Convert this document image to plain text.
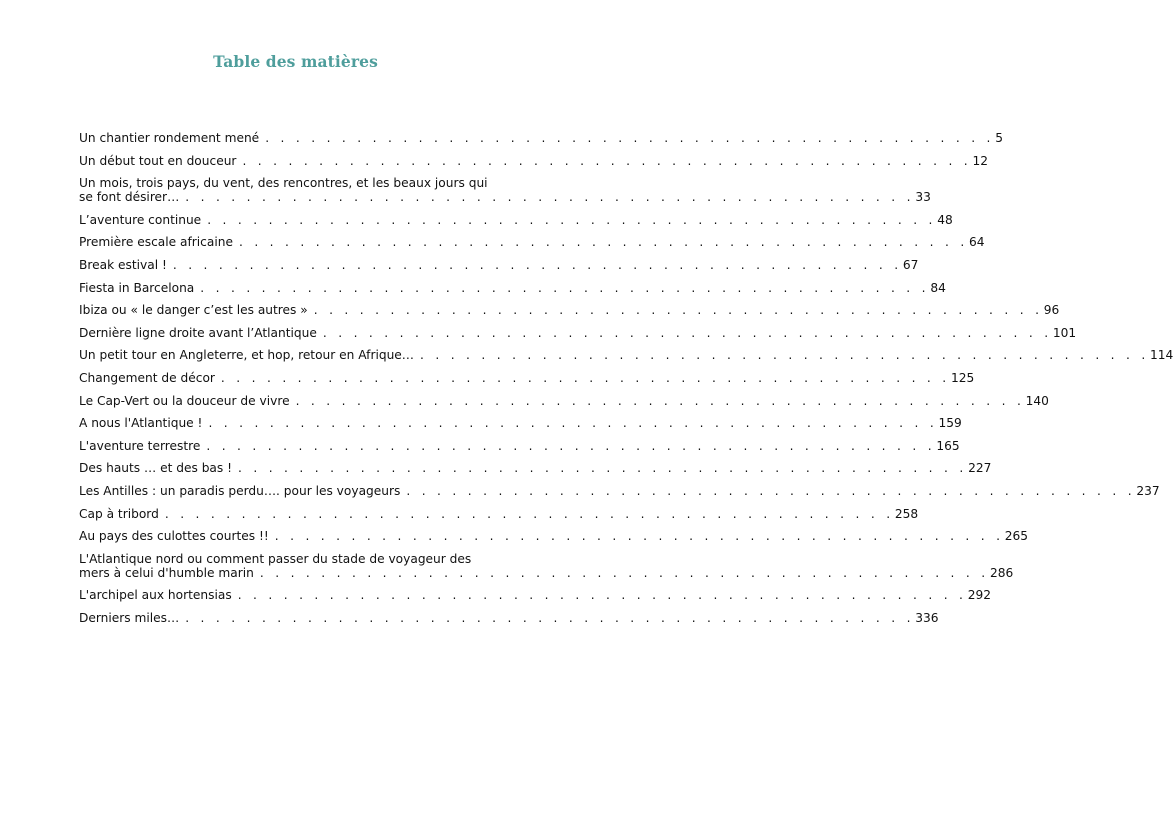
Table des matières
Un chantier rondement mené . . . . . . . . . . . . . . . . . . . . . . . . . . . . . . . . . . . . . . . . . . . . . . . . 5
Un début tout en douceur . . . . . . . . . . . . . . . . . . . . . . . . . . . . . . . . . . . . . . . . . . . . . . . . 12
Un mois, trois pays, du vent, des rencontres, et les beaux jours qui
se font désirer… . . . . . . . . . . . . . . . . . . . . . . . . . . . . . . . . . . . . . . . . . . . . . . . . 33
L’aventure continue . . . . . . . . . . . . . . . . . . . . . . . . . . . . . . . . . . . . . . . . . . . . . . . . 48
Première escale africaine . . . . . . . . . . . . . . . . . . . . . . . . . . . . . . . . . . . . . . . . . . . . . . . . 64
Break estival ! . . . . . . . . . . . . . . . . . . . . . . . . . . . . . . . . . . . . . . . . . . . . . . . . 67
Fiesta in Barcelona . . . . . . . . . . . . . . . . . . . . . . . . . . . . . . . . . . . . . . . . . . . . . . . . 84
Ibiza ou « le danger c’est les autres » . . . . . . . . . . . . . . . . . . . . . . . . . . . . . . . . . . . . . . . . . . . . . . . . 96
Dernière ligne droite avant l’Atlantique . . . . . . . . . . . . . . . . . . . . . . . . . . . . . . . . . . . . . . . . . . . . . . . . 101
Un petit tour en Angleterre, et hop, retour en Afrique… . . . . . . . . . . . . . . . . . . . . . . . . . . . . . . . . . . . . . . . . . . . . . . . . 114
Changement de décor . . . . . . . . . . . . . . . . . . . . . . . . . . . . . . . . . . . . . . . . . . . . . . . . 125
Le Cap-Vert ou la douceur de vivre . . . . . . . . . . . . . . . . . . . . . . . . . . . . . . . . . . . . . . . . . . . . . . . . 140
A nous l'Atlantique ! . . . . . . . . . . . . . . . . . . . . . . . . . . . . . . . . . . . . . . . . . . . . . . . . 159
L'aventure terrestre . . . . . . . . . . . . . . . . . . . . . . . . . . . . . . . . . . . . . . . . . . . . . . . . 165
Des hauts … et des bas ! . . . . . . . . . . . . . . . . . . . . . . . . . . . . . . . . . . . . . . . . . . . . . . . . 227
Les Antilles : un paradis perdu…. pour les voyageurs . . . . . . . . . . . . . . . . . . . . . . . . . . . . . . . . . . . . . . . . . . . . . . . . 237
Cap à tribord . . . . . . . . . . . . . . . . . . . . . . . . . . . . . . . . . . . . . . . . . . . . . . . . 258
Au pays des culottes courtes !! . . . . . . . . . . . . . . . . . . . . . . . . . . . . . . . . . . . . . . . . . . . . . . . . 265
L'Atlantique nord ou comment passer du stade de voyageur des
mers à celui d'humble marin . . . . . . . . . . . . . . . . . . . . . . . . . . . . . . . . . . . . . . . . . . . . . . . . 286
L'archipel aux hortensias . . . . . . . . . . . . . . . . . . . . . . . . . . . . . . . . . . . . . . . . . . . . . . . . 292
Derniers miles… . . . . . . . . . . . . . . . . . . . . . . . . . . . . . . . . . . . . . . . . . . . . . . . . 336
